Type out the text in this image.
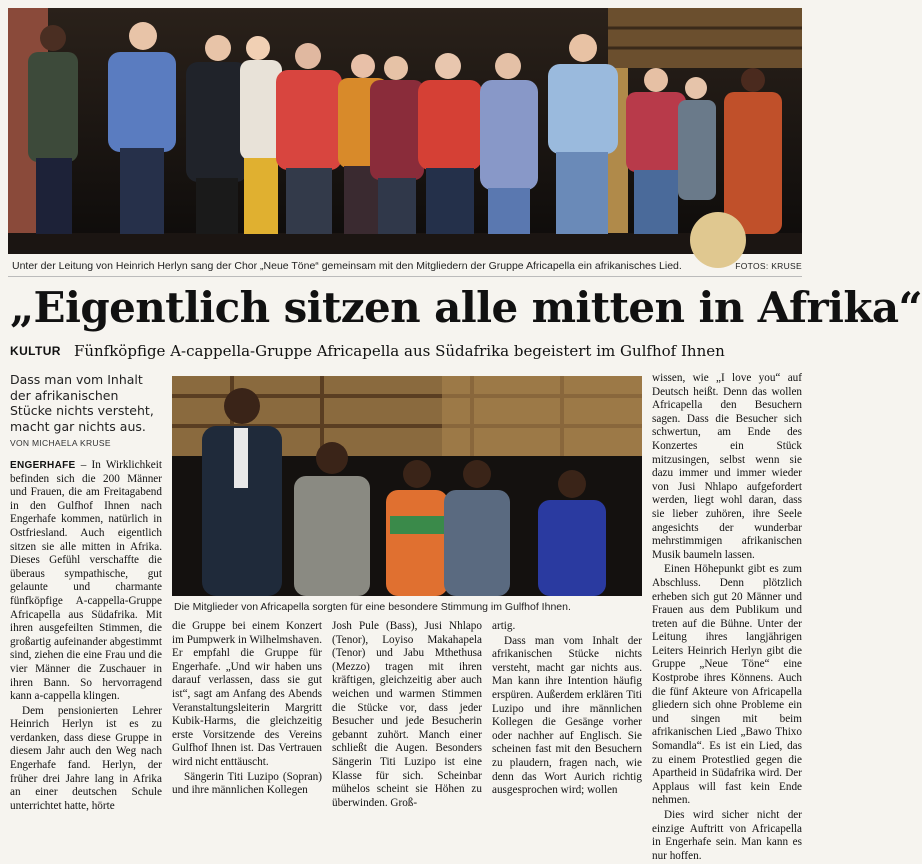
Unter der Leitung von Heinrich Herlyn sang der Chor „Neue Töne“ gemeinsam mit den Mitgliedern der Gruppe Africapella ein afrikanisches Lied.	FOTOS: KRUSE
„Eigentlich sitzen alle mitten in Afrika“
KULTUR Fünfköpfige A-cappella-Gruppe Africapella aus Südafrika begeistert im Gulfhof Ihnen
Dass man vom Inhalt der afrikanischen Stücke nichts versteht, macht gar nichts aus.
VON MICHAELA KRUSE
Die Mitglieder von Africapella sorgten für eine besondere Stimmung im Gulfhof Ihnen.

ENGERHAFE – In Wirklichkeit befinden sich die 200 Männer und Frauen, die am Freitagabend in den Gulfhof Ihnen nach Engerhafe kommen, natürlich in Ostfriesland. Auch eigentlich sitzen sie alle mitten in Afrika. Dieses Gefühl verschaffte die überaus sympathische, gut gelaunte und charmante fünfköpfige A-cappella-Gruppe Africapella aus Südafrika. Mit ihren ausgefeilten Stimmen, die großartig aufeinander abgestimmt sind, ziehen die eine Frau und die vier Männer die Zuschauer in ihren Bann. So hervorragend kann a-cappella klingen.

Dem pensionierten Lehrer Heinrich Herlyn ist es zu verdanken, dass diese Gruppe in diesem Jahr auch den Weg nach Engerhafe fand. Herlyn, der früher drei Jahre lang in Afrika an einer deutschen Schule unterrichtet hatte, hörte

die Gruppe bei einem Konzert im Pumpwerk in Wilhelmshaven. Er empfahl die Gruppe für Engerhafe. „Und wir haben uns darauf verlassen, dass sie gut ist“, sagt am Anfang des Abends Veranstaltungsleiterin Margritt Kubik-Harms, die gleichzeitig erste Vorsitzende des Vereins Gulfhof Ihnen ist. Das Vertrauen wird nicht enttäuscht.

Sängerin Titi Luzipo (Sopran) und ihre männlichen Kollegen

Josh Pule (Bass), Jusi Nhlapo (Tenor), Loyiso Makahapela (Tenor) und Jabu Mthethusa (Mezzo) tragen mit ihren kräftigen, gleichzeitig aber auch weichen und warmen Stimmen die Stücke vor, dass jeder Besucher und jede Besucherin gebannt zuhört. Manch einer schließt die Augen. Besonders Sängerin Titi Luzipo ist eine Klasse für sich. Scheinbar mühelos scheint sie Höhen zu überwinden. Groß-

artig.

Dass man vom Inhalt der afrikanischen Stücke nichts versteht, macht gar nichts aus. Man kann ihre Intention häufig erspüren. Außerdem erklären Titi Luzipo und ihre männlichen Kollegen die Gesänge vorher oder nachher auf Englisch. Sie scheinen fast mit den Besuchern zu plaudern, fragen nach, wie denn das Wort Aurich richtig ausgesprochen wird; wollen

wissen, wie „I love you“ auf Deutsch heißt. Denn das wollen Africapella den Besuchern sagen. Dass die Besucher sich schwertun, am Ende des Konzertes ein Stück mitzusingen, selbst wenn sie dazu immer und immer wieder von Jusi Nhlapo aufgefordert werden, liegt wohl daran, dass sie lieber zuhören, ihre Seele angesichts der wunderbar mehrstimmigen afrikanischen Musik baumeln lassen.

Einen Höhepunkt gibt es zum Abschluss. Denn plötzlich erheben sich gut 20 Männer und Frauen aus dem Publikum und treten auf die Bühne. Unter der Leitung ihres langjährigen Leiters Heinrich Herlyn gibt die Gruppe „Neue Töne“ eine Kostprobe ihres Könnens. Auch die fünf Akteure von Africapella gliedern sich ohne Probleme ein und singen mit beim afrikanischen Lied „Bawo Thixo Somandla“. Es ist ein Lied, das zu einem Protestlied gegen die Apartheid in Südafrika wird. Der Applaus will fast kein Ende nehmen.

Dies wird sicher nicht der einzige Auftritt von Africapella in Engerhafe sein. Man kann es nur hoffen.
